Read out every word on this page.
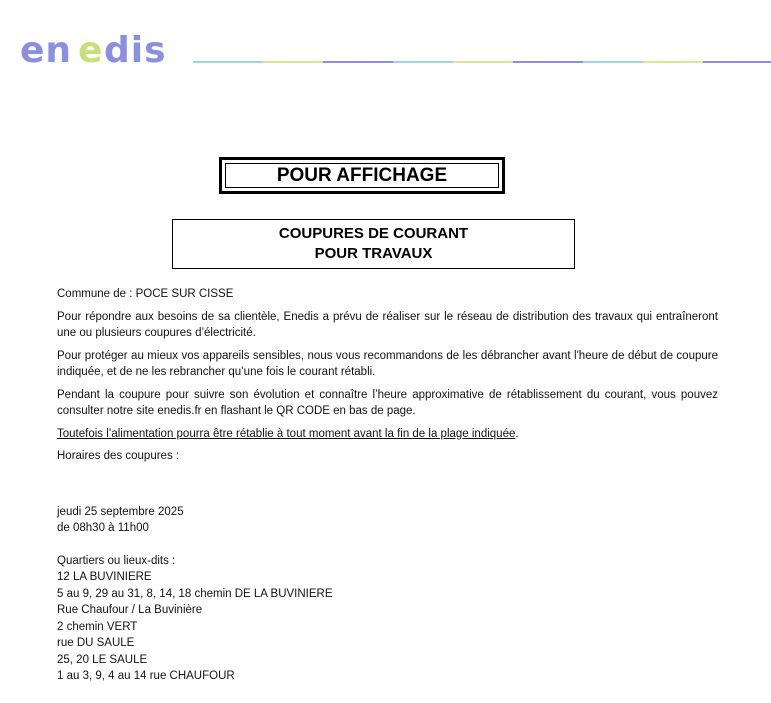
en e dis
POUR AFFICHAGE
COUPURES DE COURANT
POUR TRAVAUX

Commune de : POCE SUR CISSE

Pour répondre aux besoins de sa clientèle, Enedis a prévu de réaliser sur le réseau de distribution des travaux qui entraîneront une ou plusieurs coupures d’électricité.

Pour protéger au mieux vos appareils sensibles, nous vous recommandons de les débrancher avant l'heure de début de coupure indiquée, et de ne les rebrancher qu’une fois le courant rétabli.

Pendant la coupure pour suivre son évolution et connaître l’heure approximative de rétablissement du courant, vous pouvez consulter notre site enedis.fr en flashant le QR CODE en bas de page.

Toutefois l’alimentation pourra être rétablie à tout moment avant la fin de la plage indiquée.

Horaires des coupures :

jeudi 25 septembre 2025
de 08h30 à 11h00
Quartiers ou lieux-dits :
12 LA BUVINIERE
5 au 9, 29 au 31, 8, 14, 18 chemin DE LA BUVINIERE
Rue Chaufour / La Buvinière
2 chemin VERT
rue DU SAULE
25, 20 LE SAULE
1 au 3, 9, 4 au 14 rue CHAUFOUR
